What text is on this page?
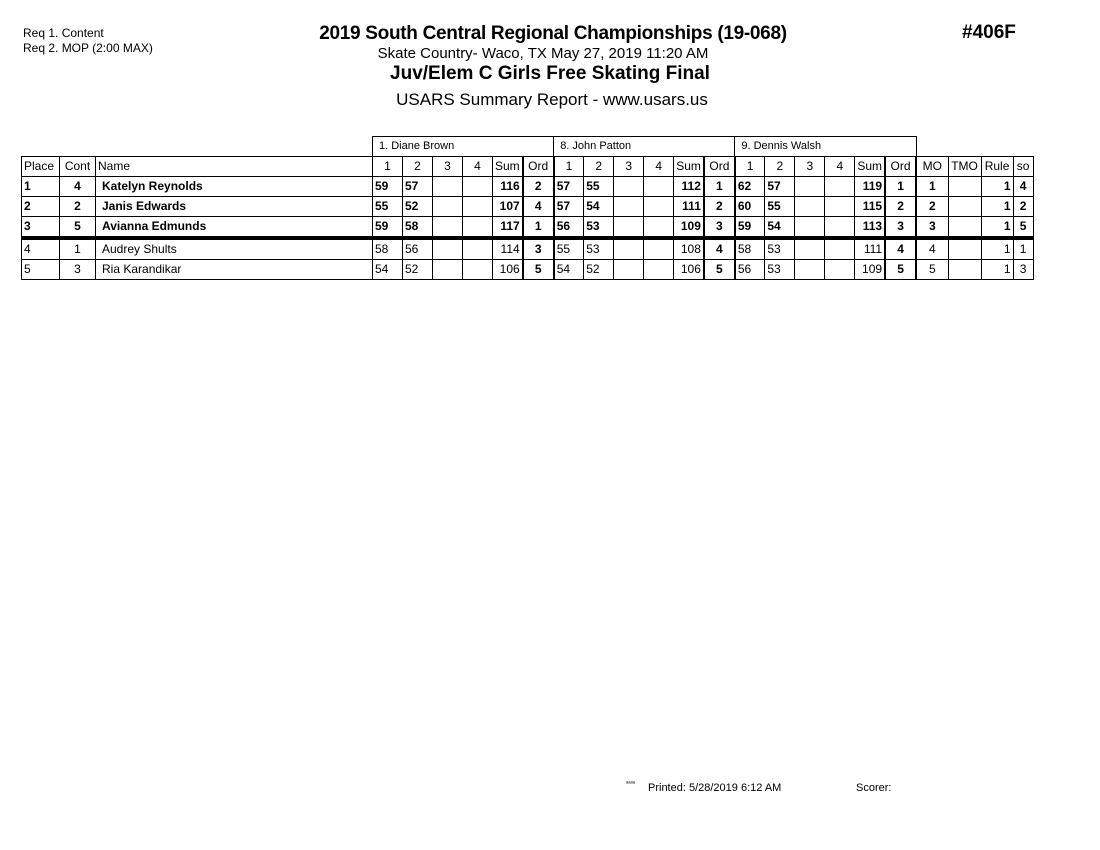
Req 1. Content
Req 2. MOP (2:00 MAX)
#406F
2019 South Central Regional Championships (19-068)
Skate Country- Waco, TX May 27, 2019 11:20 AM
Juv/Elem C Girls Free Skating Final
USARS Summary Report - www.usars.us
			1. Diane Brown						8. John Patton						9. Dennis Walsh									
Place	Cont	Name	1	2	3	4	Sum	Ord	1	2	3	4	Sum	Ord	1	2	3	4	Sum	Ord	MO	TMO	Rule	so
1	4	Katelyn Reynolds	59	57			116	2	57	55			112	1	62	57			119	1	1		1	4
2	2	Janis Edwards	55	52			107	4	57	54			111	2	60	55			115	2	2		1	2
3	5	Avianna Edmunds	59	58			117	1	56	53			109	3	59	54			113	3	3		1	5
4	1	Audrey Shults	58	56			114	3	55	53			108	4	58	53			111	4	4		1	1
5	3	Ria Karandikar	54	52			106	5	54	52			106	5	56	53			109	5	5		1	3
ᵃᵃᵃᵃ Printed: 5/28/2019 6:12 AM	Scorer:
